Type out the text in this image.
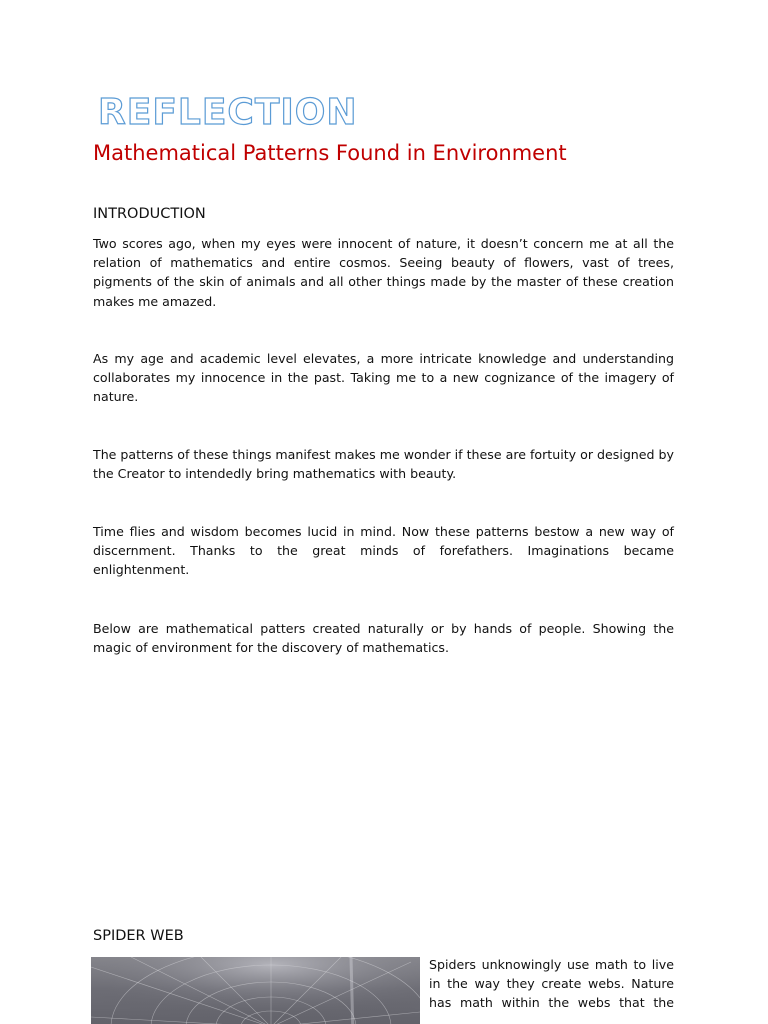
REFLECTION
Mathematical Patterns Found in Environment
INTRODUCTION

Two scores ago, when my eyes were innocent of nature, it doesn’t concern me at all the relation of mathematics and entire cosmos. Seeing beauty of flowers, vast of trees, pigments of the skin of animals and all other things made by the master of these creation makes me amazed.

As my age and academic level elevates, a more intricate knowledge and understanding collaborates my innocence in the past. Taking me to a new cognizance of the imagery of nature.

The patterns of these things manifest makes me wonder if these are fortuity or designed by the Creator to intendedly bring mathematics with beauty.

Time flies and wisdom becomes lucid in mind. Now these patterns bestow a new way of discernment. Thanks to the great minds of forefathers. Imaginations became enlightenment.

Below are mathematical patters created naturally or by hands of people. Showing the magic of environment for the discovery of mathematics.

SPIDER WEB

Spiders unknowingly use math to live in the way they create webs. Nature has math within the webs that the
